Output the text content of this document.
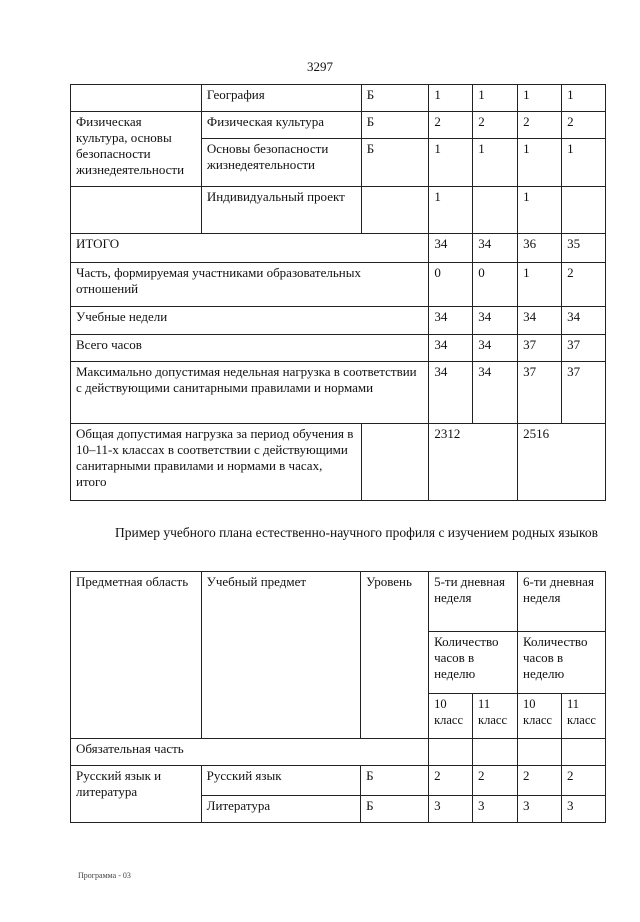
3297
	География	Б	1	1	1	1
Физическая культура, основы безопасности жизнедеятельности	Физическая культура	Б	2	2	2	2
	Основы безопасности жизнедеятельности	Б	1	1	1	1
	Индивидуальный проект		1		1	
ИТОГО			34	34	36	35
Часть, формируемая участниками образовательных отношений			0	0	1	2
Учебные недели			34	34	34	34
Всего часов			34	34	37	37
Максимально допустимая недельная нагрузка в соответствии с действующими санитарными правилами и нормами			34	34	37	37
Общая допустимая нагрузка за период обучения в 10–11-х классах в соответствии с действующими санитарными правилами и нормами в часах, итого			2312		2516	
Пример учебного плана естественно-научного профиля с изучением родных языков
Предметная область	Учебный предмет	Уровень	5-ти дневная неделя		6-ти дневная неделя	
			Количество часов в неделю		Количество часов в неделю	
			10 класс	11 класс	10 класс	11 класс
Обязательная часть						
Русский язык и литература	Русский язык	Б	2	2	2	2
	Литература	Б	3	3	3	3
Программа - 03
